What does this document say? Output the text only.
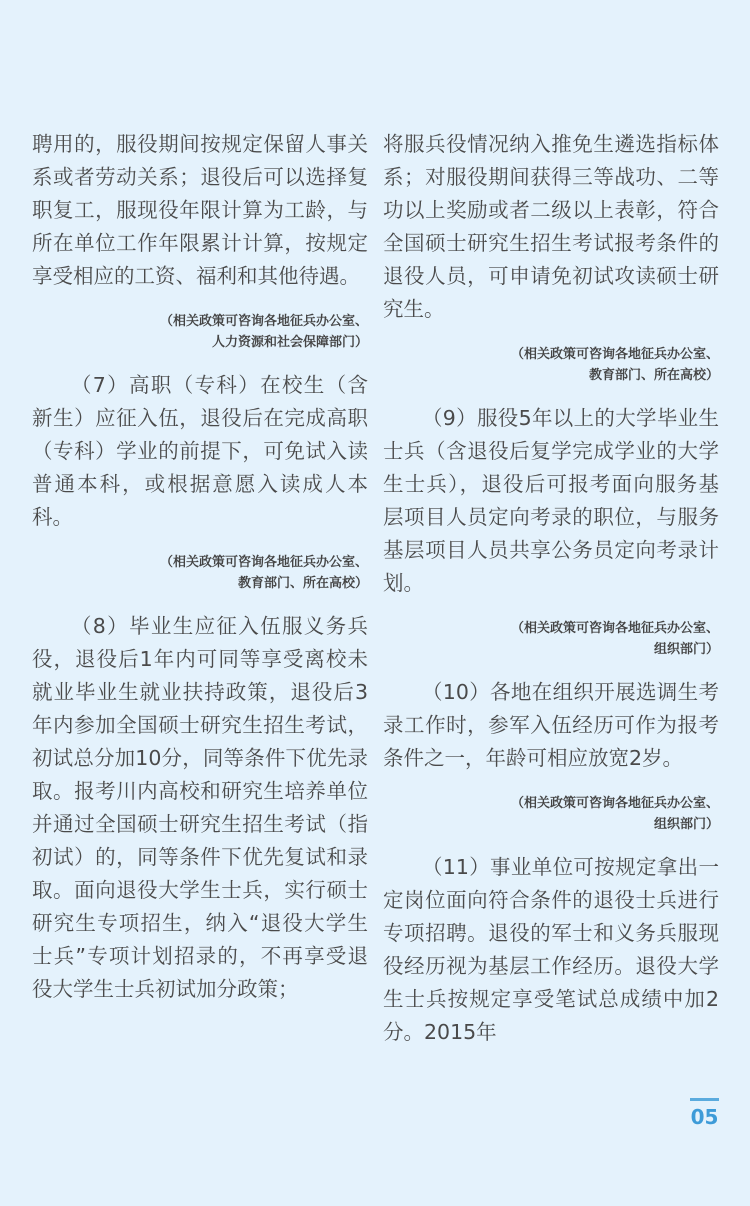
聘用的，服役期间按规定保留人事关系或者劳动关系；退役后可以选择复职复工，服现役年限计算为工龄，与所在单位工作年限累计计算，按规定享受相应的工资、福利和其他待遇。

（相关政策可咨询各地征兵办公室、
人力资源和社会保障部门）

（7）高职（专科）在校生（含新生）应征入伍，退役后在完成高职（专科）学业的前提下，可免试入读普通本科，或根据意愿入读成人本科。

（相关政策可咨询各地征兵办公室、
教育部门、所在高校）

（8）毕业生应征入伍服义务兵役，退役后1年内可同等享受离校未就业毕业生就业扶持政策，退役后3年内参加全国硕士研究生招生考试，初试总分加10分，同等条件下优先录取。报考川内高校和研究生培养单位并通过全国硕士研究生招生考试（指初试）的，同等条件下优先复试和录取。面向退役大学生士兵，实行硕士研究生专项招生，纳入“退役大学生士兵”专项计划招录的，不再享受退役大学生士兵初试加分政策；

将服兵役情况纳入推免生遴选指标体系；对服役期间获得三等战功、二等功以上奖励或者二级以上表彰，符合全国硕士研究生招生考试报考条件的退役人员，可申请免初试攻读硕士研究生。

（相关政策可咨询各地征兵办公室、
教育部门、所在高校）

（9）服役5年以上的大学毕业生士兵（含退役后复学完成学业的大学生士兵），退役后可报考面向服务基层项目人员定向考录的职位，与服务基层项目人员共享公务员定向考录计划。

（相关政策可咨询各地征兵办公室、
组织部门）

（10）各地在组织开展选调生考录工作时，参军入伍经历可作为报考条件之一，年龄可相应放宽2岁。

（相关政策可咨询各地征兵办公室、
组织部门）

（11）事业单位可按规定拿出一定岗位面向符合条件的退役士兵进行专项招聘。退役的军士和义务兵服现役经历视为基层工作经历。退役大学生士兵按规定享受笔试总成绩中加2分。2015年

05
